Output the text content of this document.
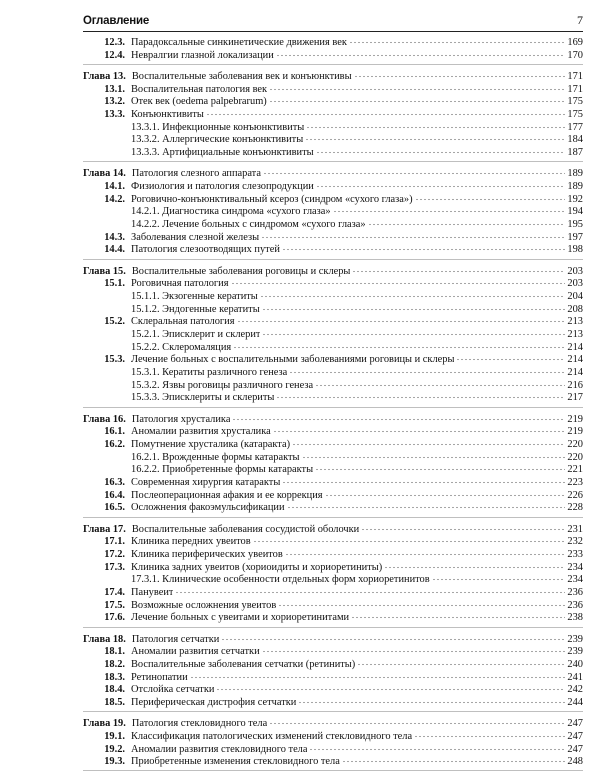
Оглавление	7
12.3. Парадоксальные синкинетические движения век	169
12.4. Невралгии глазной локализации	170
Глава 13. Воспалительные заболевания век и конъюнктивы	171
13.1. Воспалительная патология век	171
13.2. Отек век (oedema palpebrarum)	175
13.3. Конъюнктивиты	175
13.3.1. Инфекционные конъюнктивиты	177
13.3.2. Аллергические конъюнктивиты	184
13.3.3. Артифициальные конъюнктивиты	187
Глава 14. Патология слезного аппарата	189
14.1. Физиология и патология слезопродукции	189
14.2. Роговично-конъюнктивальный ксероз (синдром «сухого глаза»)	192
14.2.1. Диагностика синдрома «сухого глаза»	194
14.2.2. Лечение больных с синдромом «сухого глаза»	195
14.3. Заболевания слезной железы	197
14.4. Патология слезоотводящих путей	198
Глава 15. Воспалительные заболевания роговицы и склеры	203
15.1. Роговичная патология	203
15.1.1. Экзогенные кератиты	204
15.1.2. Эндогенные кератиты	208
15.2. Склеральная патология	213
15.2.1. Эписклерит и склерит	213
15.2.2. Склеромаляция	214
15.3. Лечение больных с воспалительными заболеваниями роговицы и склеры	214
15.3.1. Кератиты различного генеза	214
15.3.2. Язвы роговицы различного генеза	216
15.3.3. Эписклериты и склериты	217
Глава 16. Патология хрусталика	219
16.1. Аномалии развития хрусталика	219
16.2. Помутнение хрусталика (катаракта)	220
16.2.1. Врожденные формы катаракты	220
16.2.2. Приобретенные формы катаракты	221
16.3. Современная хирургия катаракты	223
16.4. Послеоперационная афакия и ее коррекция	226
16.5. Осложнения факоэмульсификации	228
Глава 17. Воспалительные заболевания сосудистой оболочки	231
17.1. Клиника передних увеитов	232
17.2. Клиника периферических увеитов	233
17.3. Клиника задних увеитов (хориоидиты и хориоретиниты)	234
17.3.1. Клинические особенности отдельных форм хориоретинитов	234
17.4. Панувеит	236
17.5. Возможные осложнения увеитов	236
17.6. Лечение больных с увеитами и хориоретинитами	238
Глава 18. Патология сетчатки	239
18.1. Аномалии развития сетчатки	239
18.2. Воспалительные заболевания сетчатки (ретиниты)	240
18.3. Ретинопатии	241
18.4. Отслойка сетчатки	242
18.5. Периферическая дистрофия сетчатки	244
Глава 19. Патология стекловидного тела	247
19.1. Классификация патологических изменений стекловидного тела	247
19.2. Аномалии развития стекловидного тела	247
19.3. Приобретенные изменения стекловидного тела	248
